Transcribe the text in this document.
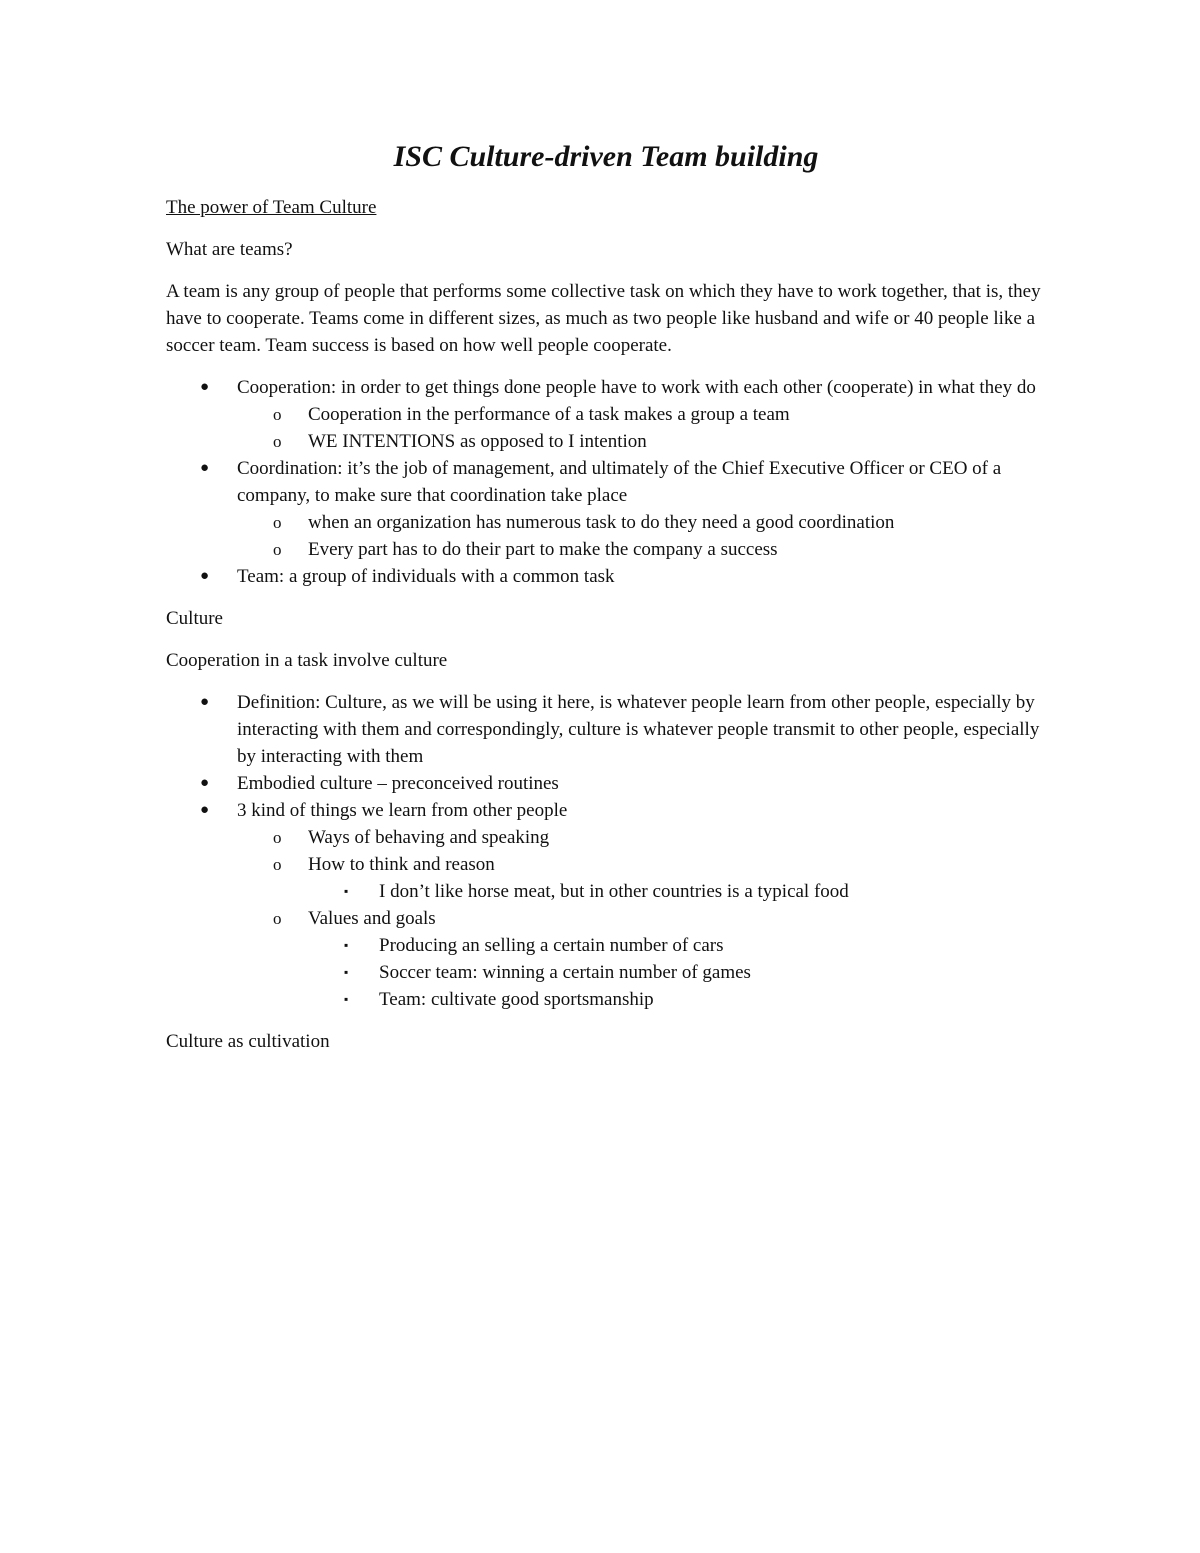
ISC Culture-driven Team building
The power of Team Culture

What are teams?

A team is any group of people that performs some collective task on which they have to work together, that is, they have to cooperate. Teams come in different sizes, as much as two people like husband and wife or 40 people like a soccer team. Team success is based on how well people cooperate.

● Cooperation: in order to get things done people have to work with each other (cooperate) in what they do
o Cooperation in the performance of a task makes a group a team
o WE INTENTIONS as opposed to I intention
● Coordination: it’s the job of management, and ultimately of the Chief Executive Officer or CEO of a company, to make sure that coordination take place
o when an organization has numerous task to do they need a good coordination
o Every part has to do their part to make the company a success
● Team: a group of individuals with a common task

Culture

Cooperation in a task involve culture

● Definition: Culture, as we will be using it here, is whatever people learn from other people, especially by interacting with them and correspondingly, culture is whatever people transmit to other people, especially by interacting with them
● Embodied culture – preconceived routines
● 3 kind of things we learn from other people
o Ways of behaving and speaking
o How to think and reason
▪ I don’t like horse meat, but in other countries is a typical food
o Values and goals
▪ Producing an selling a certain number of cars
▪ Soccer team: winning a certain number of games
▪ Team: cultivate good sportsmanship

Culture as cultivation
